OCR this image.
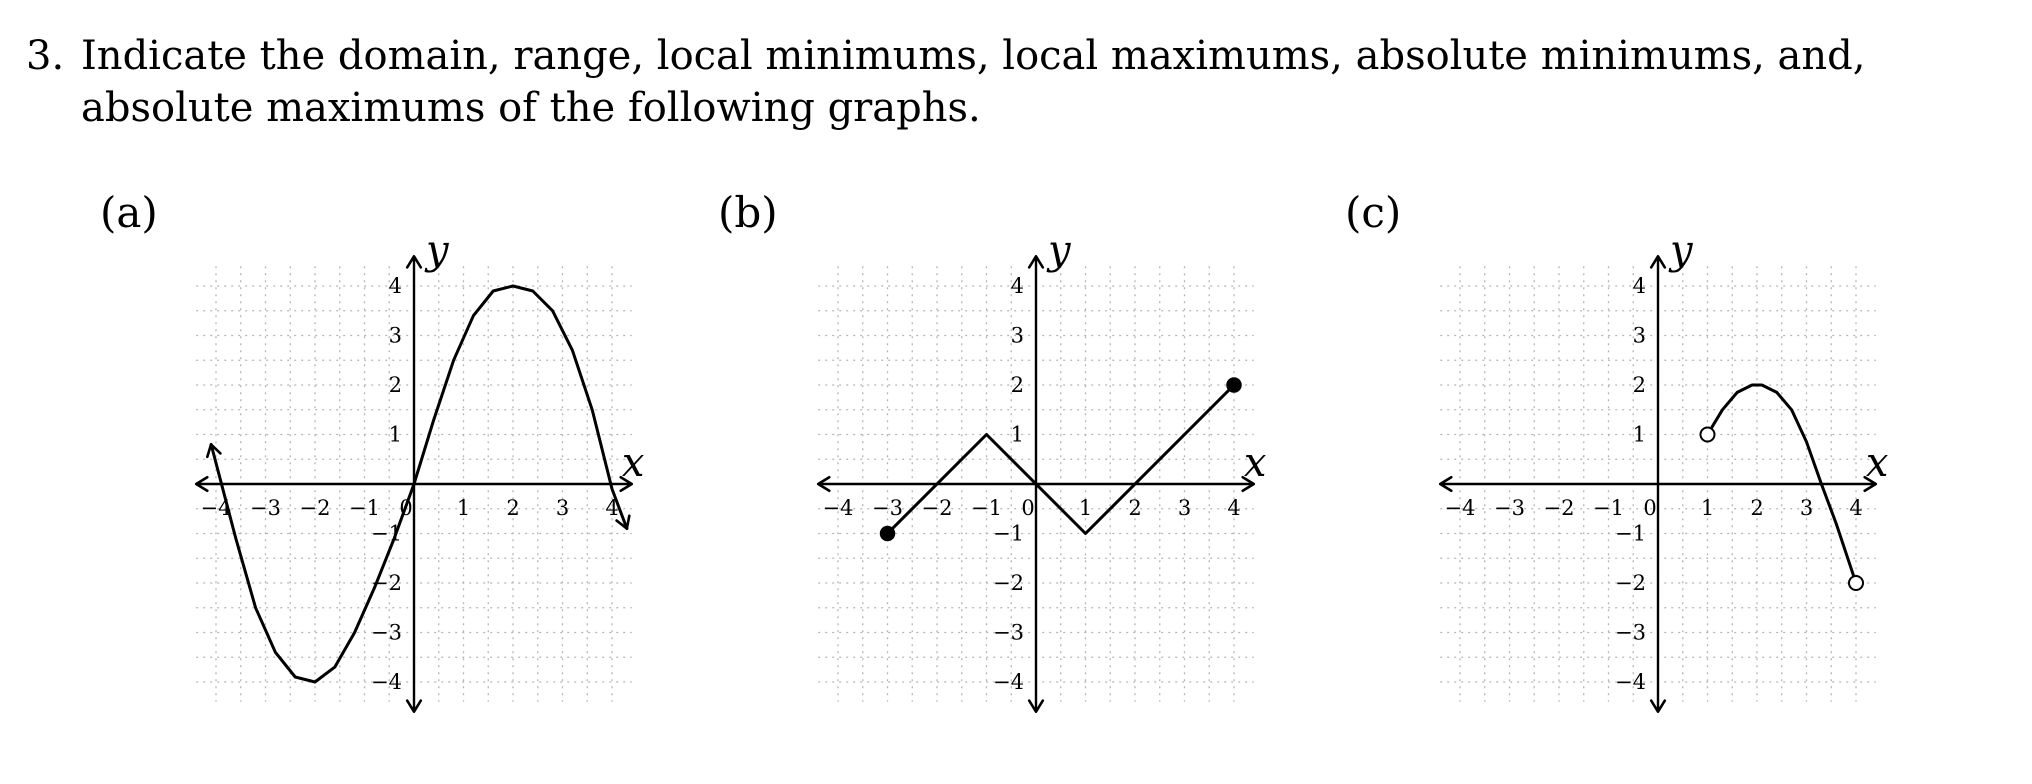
3. Indicate the domain, range, local minimums, local maximums, absolute minimums, and, absolute maximums of the following graphs.
(a)	(b)	(c)
−4 −3 −2 −1 0 1 2 3 4
4
3
2
1
−1
−2
−3
−4
x
y
−4 −3 −2 −1 0 1 2 3 4
4
3
2
1
−1
−2
−3
−4
x
y
−4 −3 −2 −1 0 1 2 3 4
4
3
2
1
−1
−2
−3
−4
x
y
